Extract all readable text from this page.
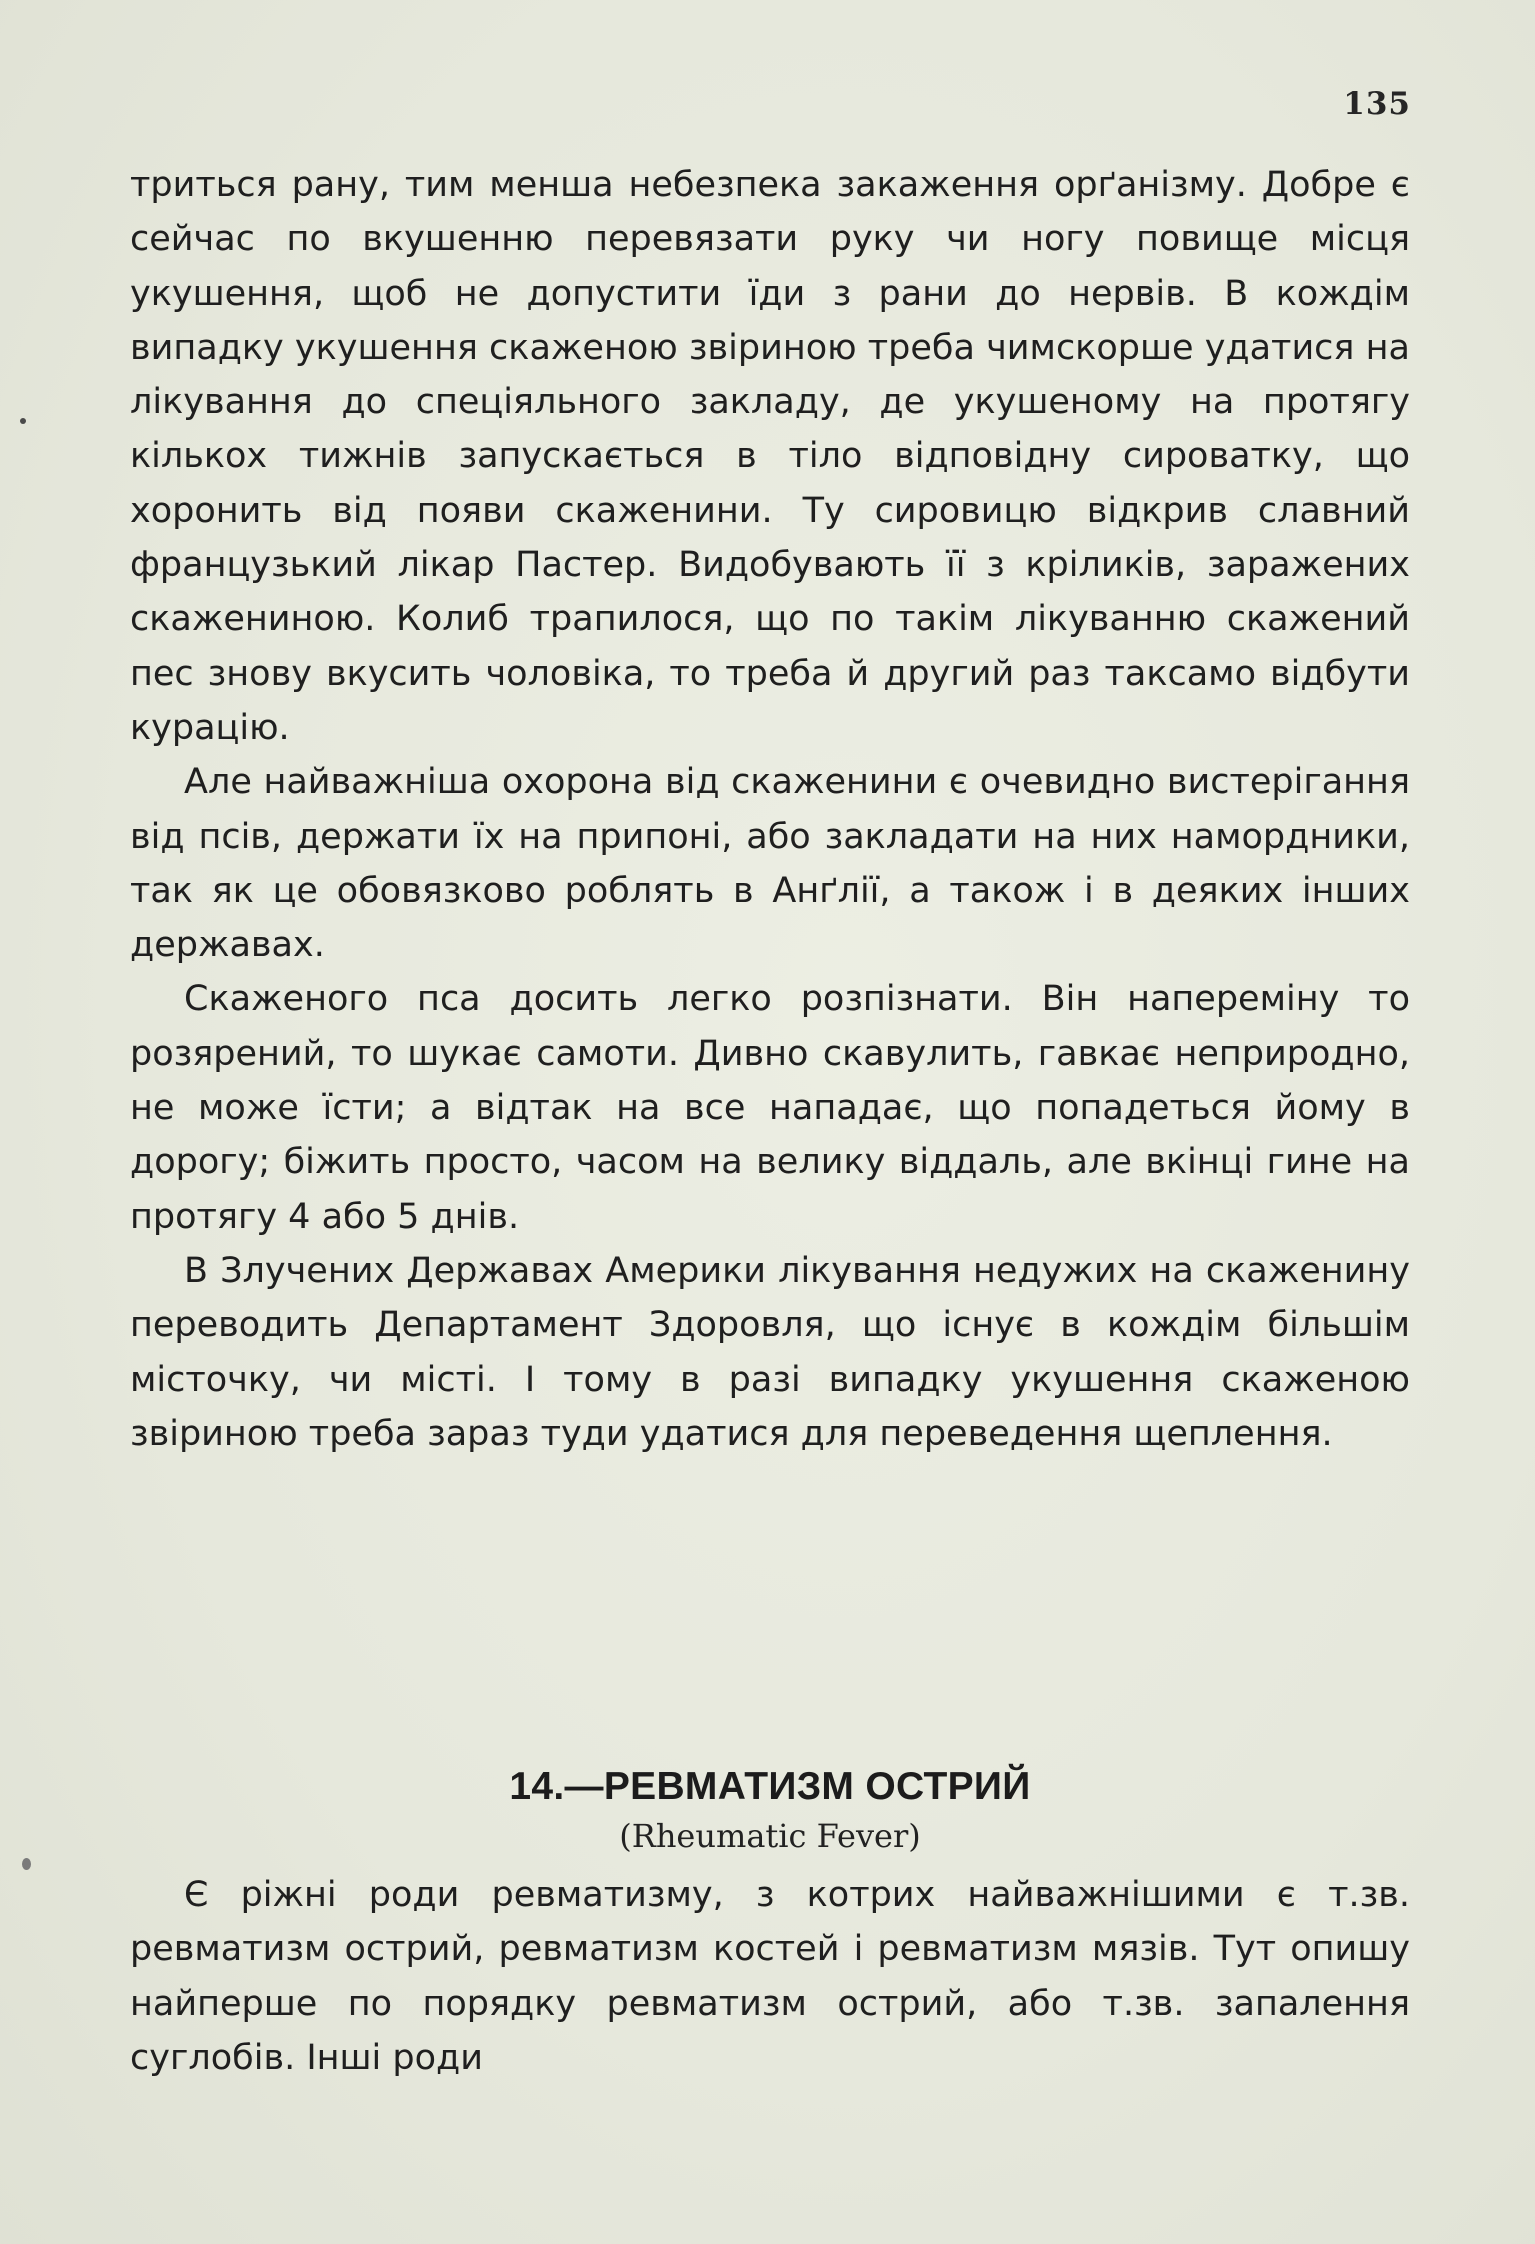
135

триться рану, тим менша небезпека закаження орґанізму. Добре є сейчас по вкушенню перевязати руку чи ногу повище місця укушення, щоб не допустити їди з рани до нервів. В кождім випадку укушення скаженою звіриною треба чимскорше удатися на лікування до спеціяльного закладу, де укушеному на протягу кількох тижнів запускається в тіло відповідну сироватку, що хоронить від появи скаженини. Ту сировицю відкрив славний французький лікар Пастер. Видобувають її з кріликів, заражених скажениною. Колиб трапилося, що по такім лікуванню скажений пес знову вкусить чоловіка, то треба й другий раз таксамо відбути курацію.

Але найважніша охорона від скаженини є очевидно вистерігання від псів, держати їх на припоні, або закладати на них намордники, так як це обовязково роблять в Анґлії, а також і в деяких інших державах.

Скаженого пса досить легко розпізнати. Він наперемінy то розярений, то шукає самоти. Дивно скавулить, гавкає неприродно, не може їсти; а відтак на все нападає, що попадеться йому в дорогу; біжить просто, часом на велику віддаль, але вкінці гине на протягу 4 або 5 днів.

В Злучених Державах Америки лікування недужих на скаженину переводить Департамент Здоровля, що існує в кождім більшім місточку, чи місті. І тому в разі випадку укушення скаженою звіриною треба зараз туди удатися для переведення щеплення.

14.—РЕВМАТИЗМ ОСТРИЙ
(Rheumatic Fever)

Є ріжні роди ревматизму, з котрих найважнішими є т.зв. ревматизм острий, ревматизм костей і ревматизм мязів. Тут опишу найперше по порядку ревматизм острий, або т.зв. запалення суглобів. Інші роди
